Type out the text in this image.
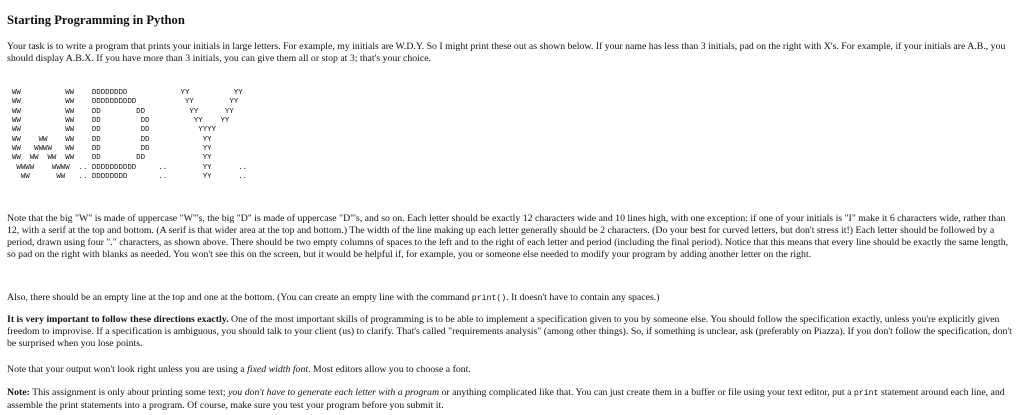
Starting Programming in Python

Your task is to write a program that prints your initials in large letters. For example, my initials are W.D.Y. So I might print these out as shown below. If your name has less than 3 initials, pad on the right with X's. For example, if your initials are A.B., you should display A.B.X. If you have more than 3 initials, you can give them all or stop at 3; that's your choice.

WW          WW    DDDDDDDD            YY          YY
WW          WW    DDDDDDDDDD           YY        YY
WW          WW    DD        DD          YY      YY
WW          WW    DD         DD          YY    YY
WW          WW    DD         DD           YYYY
WW    WW    WW    DD         DD            YY
WW   WWWW   WW    DD         DD            YY
WW  WW  WW  WW    DD        DD             YY
WWWW    WWWW  .. DDDDDDDDDD     ..        YY      ..
WW      WW   .. DDDDDDDD       ..        YY      ..

Note that the big "W" is made of uppercase "W"'s, the big "D" is made of uppercase "D"'s, and so on. Each letter should be exactly 12 characters wide and 10 lines high, with one exception: if one of your initials is "I" make it 6 characters wide, rather than 12, with a serif at the top and bottom. (A serif is that wider area at the top and bottom.) The width of the line making up each letter generally should be 2 characters. (Do your best for curved letters, but don't stress it!) Each letter should be followed by a period, drawn using four "." characters, as shown above. There should be two empty columns of spaces to the left and to the right of each letter and period (including the final period). Notice that this means that every line should be exactly the same length, so pad on the right with blanks as needed. You won't see this on the screen, but it would be helpful if, for example, you or someone else needed to modify your program by adding another letter on the right.

Also, there should be an empty line at the top and one at the bottom. (You can create an empty line with the command print(). It doesn't have to contain any spaces.)

It is very important to follow these directions exactly. One of the most important skills of programming is to be able to implement a specification given to you by someone else. You should follow the specification exactly, unless you're explicitly given freedom to improvise. If a specification is ambiguous, you should talk to your client (us) to clarify. That's called "requirements analysis" (among other things). So, if something is unclear, ask (preferably on Piazza). If you don't follow the specification, don't be surprised when you lose points.

Note that your output won't look right unless you are using a fixed width font. Most editors allow you to choose a font.

Note: This assignment is only about printing some text; you don't have to generate each letter with a program or anything complicated like that. You can just create them in a buffer or file using your text editor, put a print statement around each line, and assemble the print statements into a program. Of course, make sure you test your program before you submit it.
